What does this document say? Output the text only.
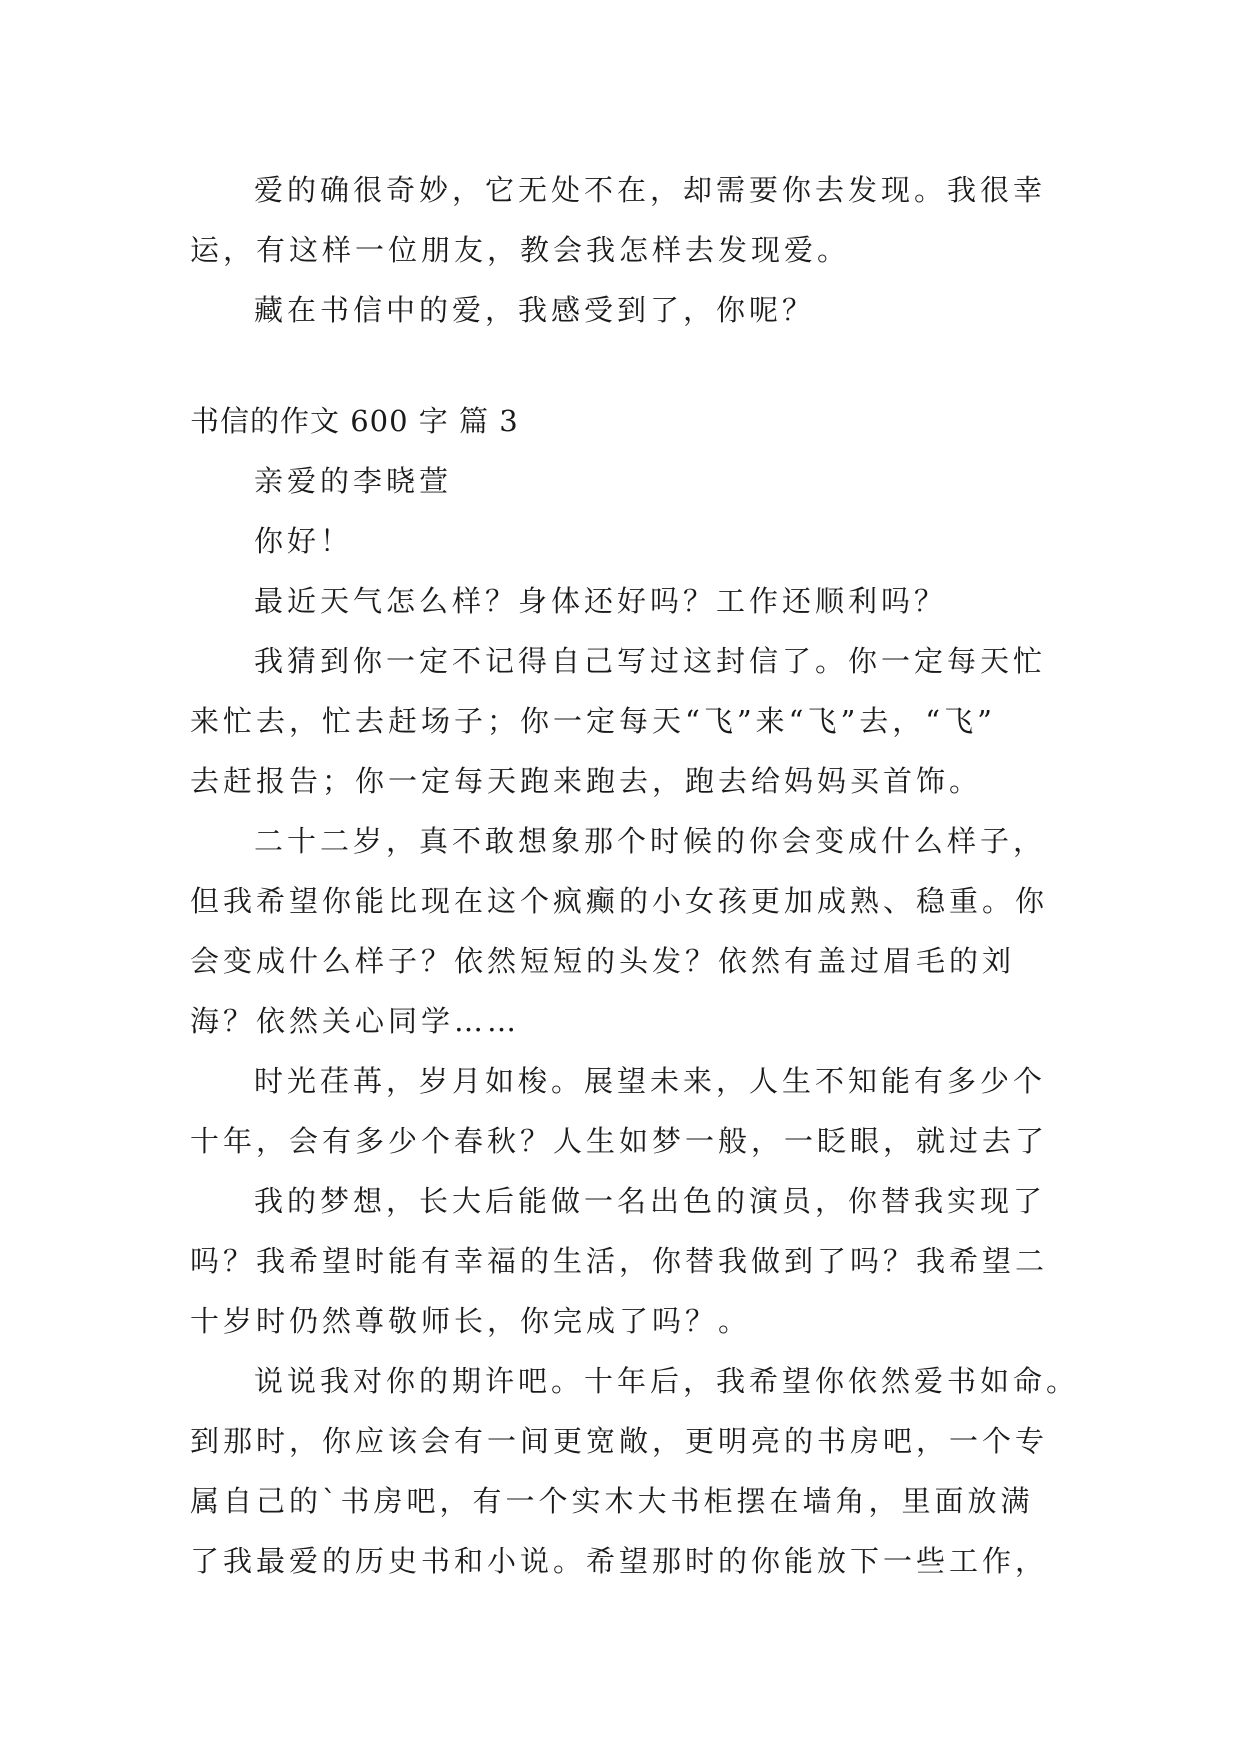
爱的确很奇妙，它无处不在，却需要你去发现。我很幸
运，有这样一位朋友，教会我怎样去发现爱。
藏在书信中的爱，我感受到了，你呢？
书信的作文 600 字 篇 3
亲爱的李晓萱
你好！
最近天气怎么样？身体还好吗？工作还顺利吗？
我猜到你一定不记得自己写过这封信了。你一定每天忙
来忙去，忙去赶场子；你一定每天“飞”来“飞”去，“飞”
去赶报告；你一定每天跑来跑去，跑去给妈妈买首饰。
二十二岁，真不敢想象那个时候的你会变成什么样子，
但我希望你能比现在这个疯癫的小女孩更加成熟、稳重。你
会变成什么样子？依然短短的头发？依然有盖过眉毛的刘
海？依然关心同学……
时光荏苒，岁月如梭。展望未来，人生不知能有多少个
十年，会有多少个春秋？人生如梦一般，一眨眼，就过去了
我的梦想，长大后能做一名出色的演员，你替我实现了
吗？我希望时能有幸福的生活，你替我做到了吗？我希望二
十岁时仍然尊敬师长，你完成了吗？。
说说我对你的期许吧。十年后，我希望你依然爱书如命。
到那时，你应该会有一间更宽敞，更明亮的书房吧，一个专
属自己的`书房吧，有一个实木大书柜摆在墙角，里面放满
了我最爱的历史书和小说。希望那时的你能放下一些工作，
